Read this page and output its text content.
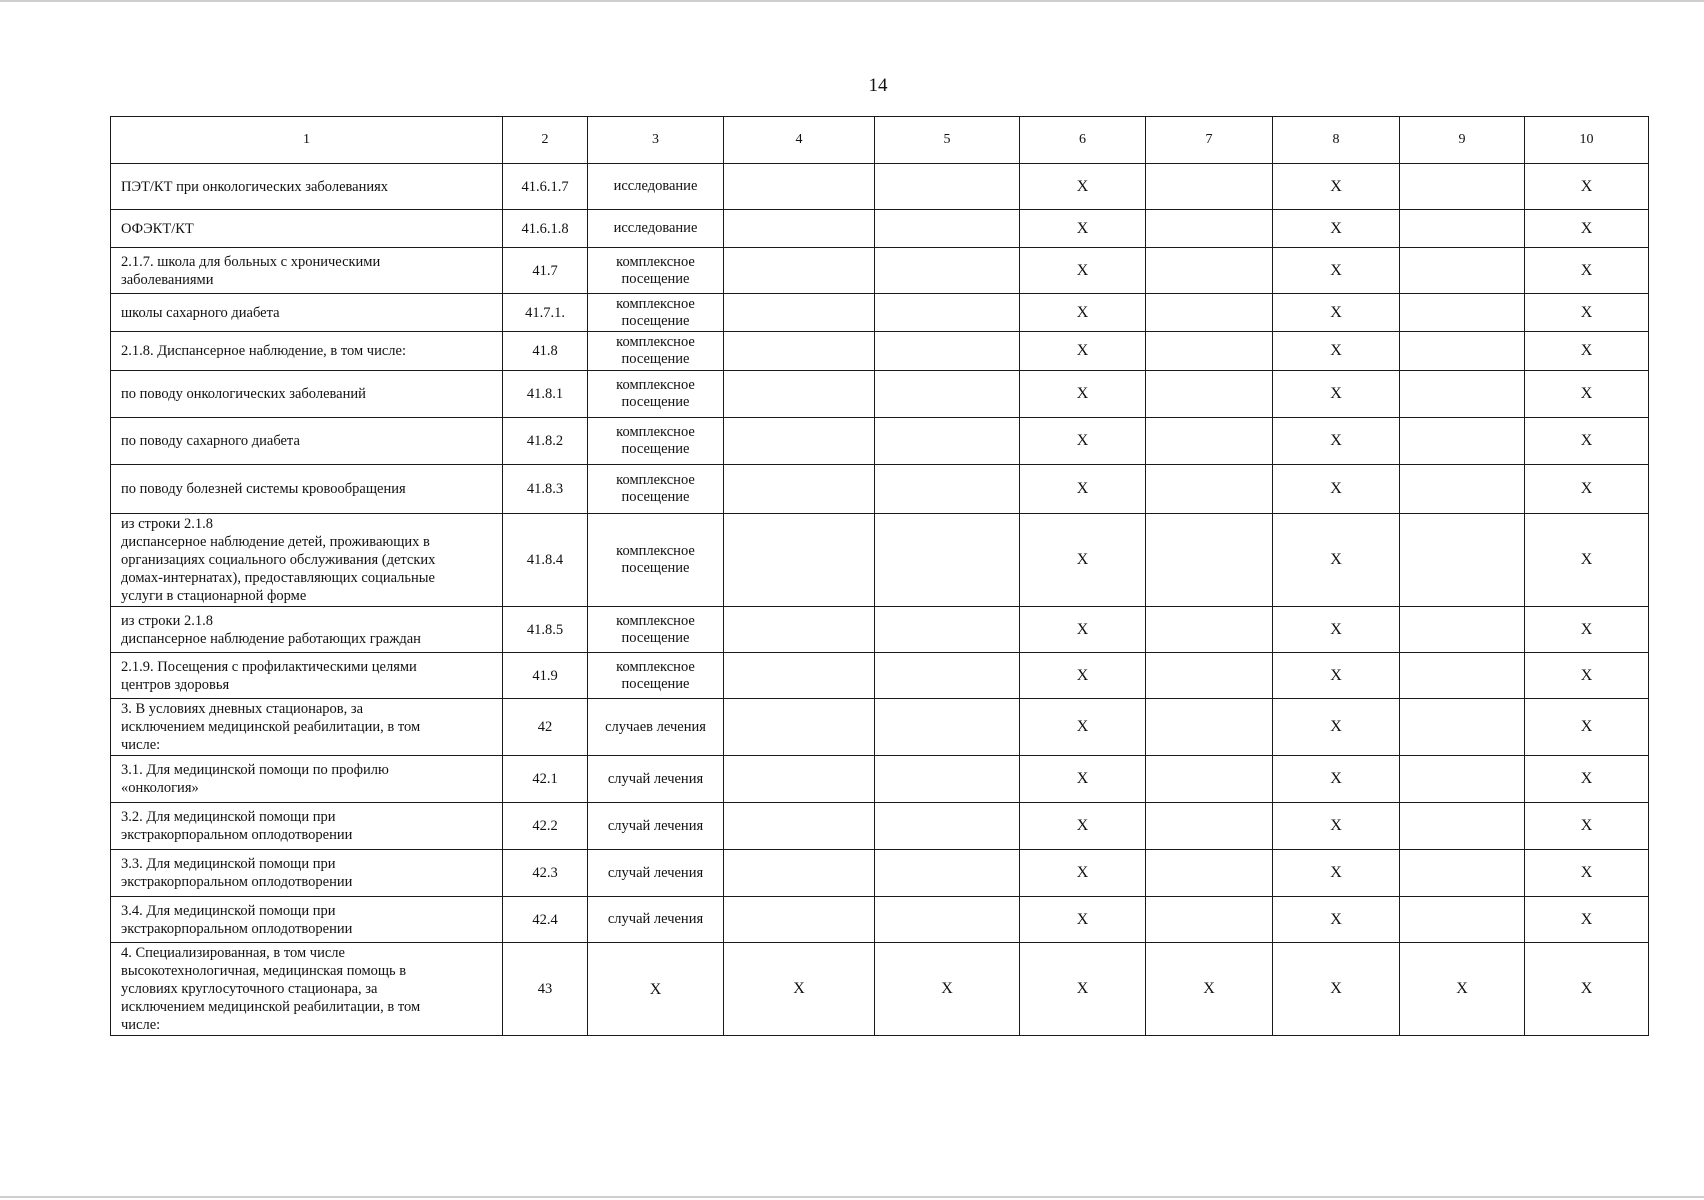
14
1	2	3	4	5	6	7	8	9	10

ПЭТ/КТ при онкологических заболеваниях	41.6.1.7	исследование			X		X		X

ОФЭКТ/КТ	41.6.1.8	исследование			X		X		X

2.1.7. школа для больных с хроническими
заболеваниями	41.7	комплексное
посещение			X		X		X

школы сахарного диабета	41.7.1.	комплексное
посещение			X		X		X

2.1.8. Диспансерное наблюдение, в том числе:	41.8	комплексное
посещение			X		X		X

по поводу онкологических заболеваний	41.8.1	комплексное
посещение			X		X		X

по поводу сахарного диабета	41.8.2	комплексное
посещение			X		X		X

по поводу болезней системы кровообращения	41.8.3	комплексное
посещение			X		X		X

из строки 2.1.8
диспансерное наблюдение детей, проживающих в
организациях социального обслуживания (детских
домах-интернатах), предоставляющих социальные
услуги в стационарной форме	41.8.4	комплексное
посещение			X		X		X

из строки 2.1.8
диспансерное наблюдение работающих граждан	41.8.5	комплексное
посещение			X		X		X

2.1.9. Посещения с профилактическими целями
центров здоровья	41.9	комплексное
посещение			X		X		X

3. В условиях дневных стационаров, за
исключением медицинской реабилитации, в том
числе:	42	случаев лечения			X		X		X

3.1. Для медицинской помощи по профилю
«онкология»	42.1	случай лечения			X		X		X

3.2. Для медицинской помощи при
экстракорпоральном оплодотворении	42.2	случай лечения			X		X		X

3.3. Для медицинской помощи при
экстракорпоральном оплодотворении	42.3	случай лечения			X		X		X

3.4. Для медицинской помощи при
экстракорпоральном оплодотворении	42.4	случай лечения			X		X		X

4. Специализированная, в том числе
высокотехнологичная, медицинская помощь в
условиях круглосуточного стационара, за
исключением медицинской реабилитации, в том
числе:	43	X	X	X	X	X	X	X	X
